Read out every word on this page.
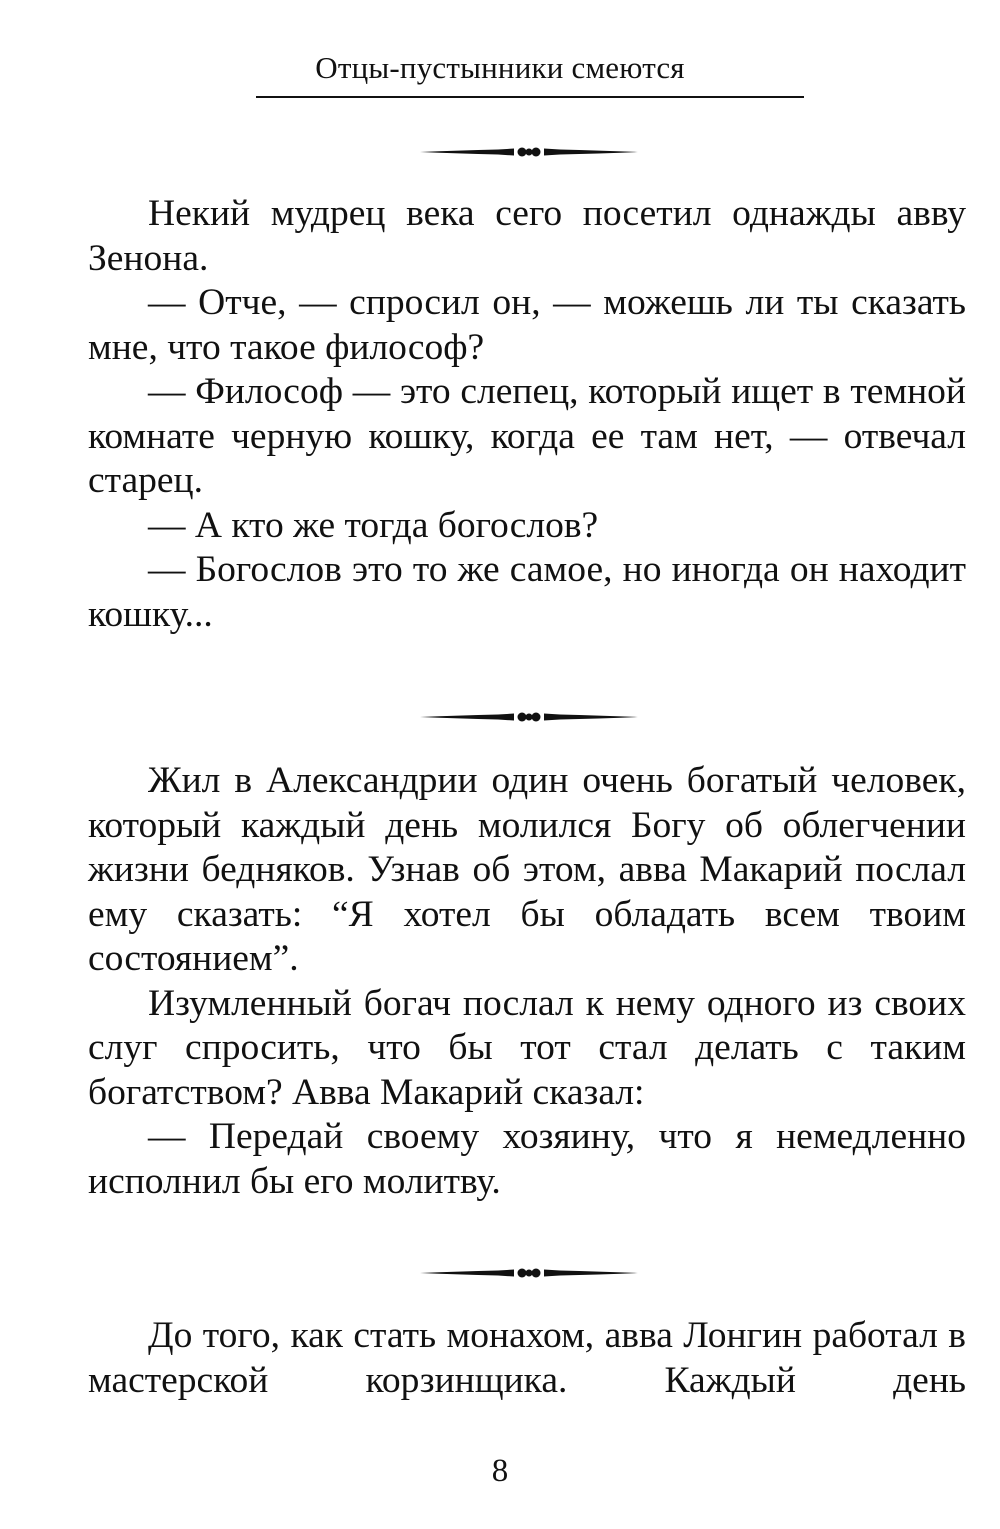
Отцы-пустынники смеются

Некий мудрец века сего посетил однажды авву Зенона.

— Отче, — спросил он, — можешь ли ты сказать мне, что такое философ?

— Философ — это слепец, который ищет в темной комнате черную кошку, когда ее там нет, — отвечал старец.

— А кто же тогда богослов?

— Богослов это то же самое, но иногда он находит кошку...

Жил в Александрии один очень богатый человек, который каждый день молился Богу об облегчении жизни бедняков. Узнав об этом, авва Макарий послал ему сказать: “Я хотел бы обладать всем твоим состоянием”.

Изумленный богач послал к нему одного из своих слуг спросить, что бы тот стал делать с таким богатством? Авва Макарий сказал:

— Передай своему хозяину, что я немедленно исполнил бы его молитву.

До того, как стать монахом, авва Лонгин работал в мастерской корзинщика. Каждый день

8
